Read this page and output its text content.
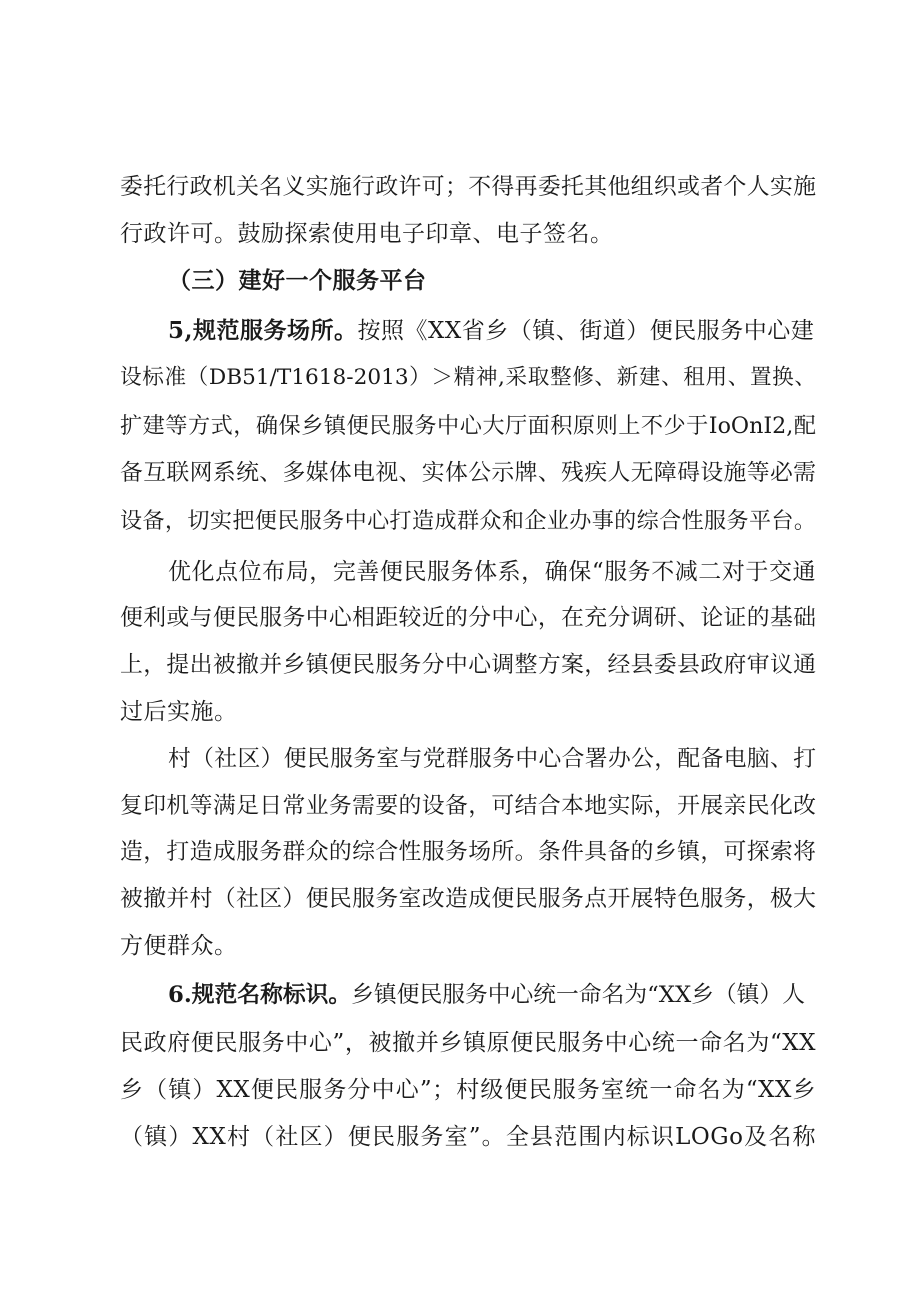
委托行政机关名义实施行政许可；不得再委托其他组织或者个人实施
行政许可。鼓励探索使用电子印章、电子签名。
（三）建好一个服务平台
5,规范服务场所。按照《XX省乡（镇、街道）便民服务中心建
设标准（DB51/T1618-2013）＞精神,采取整修、新建、租用、置换、
扩建等方式，确保乡镇便民服务中心大厅面积原则上不少于IoOnI2,配
备互联网系统、多媒体电视、实体公示牌、残疾人无障碍设施等必需
设备，切实把便民服务中心打造成群众和企业办事的综合性服务平台。
优化点位布局，完善便民服务体系，确保“服务不减二对于交通
便利或与便民服务中心相距较近的分中心，在充分调研、论证的基础
上，提出被撤并乡镇便民服务分中心调整方案，经县委县政府审议通
过后实施。
村（社区）便民服务室与党群服务中心合署办公，配备电脑、打
复印机等满足日常业务需要的设备，可结合本地实际，开展亲民化改
造，打造成服务群众的综合性服务场所。条件具备的乡镇，可探索将
被撤并村（社区）便民服务室改造成便民服务点开展特色服务，极大
方便群众。
6.规范名称标识。乡镇便民服务中心统一命名为“XX乡（镇）人
民政府便民服务中心”，被撤并乡镇原便民服务中心统一命名为“XX
乡（镇）XX便民服务分中心”；村级便民服务室统一命名为“XX乡
（镇）XX村（社区）便民服务室”。全县范围内标识LOGo及名称
